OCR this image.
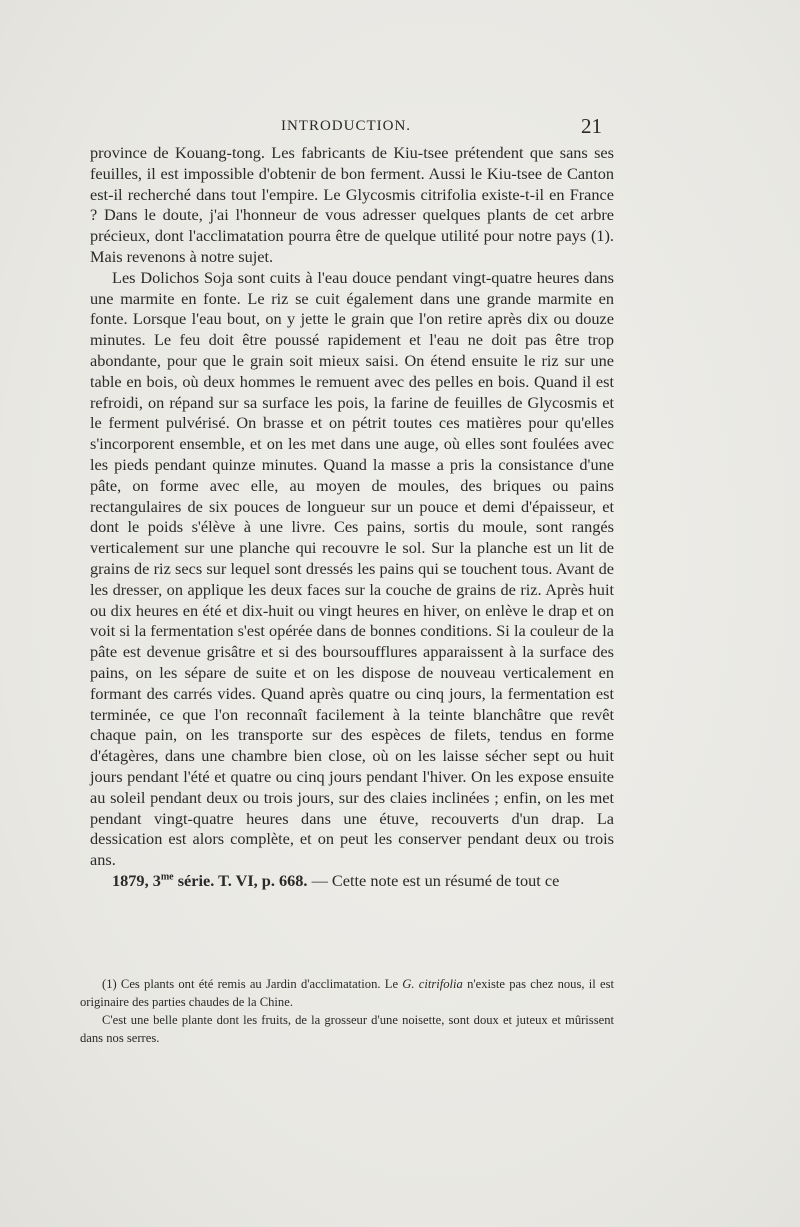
INTRODUCTION.	21

province de Kouang-tong. Les fabricants de Kiu-tsee prétendent que sans ses feuilles, il est impossible d'obtenir de bon ferment. Aussi le Kiu-tsee de Canton est-il recherché dans tout l'empire. Le Glycosmis citrifolia existe-t-il en France ? Dans le doute, j'ai l'honneur de vous adresser quelques plants de cet arbre précieux, dont l'acclimatation pourra être de quelque utilité pour notre pays (1). Mais revenons à notre sujet.

Les Dolichos Soja sont cuits à l'eau douce pendant vingt-quatre heures dans une marmite en fonte. Le riz se cuit également dans une grande marmite en fonte. Lorsque l'eau bout, on y jette le grain que l'on retire après dix ou douze minutes. Le feu doit être poussé rapidement et l'eau ne doit pas être trop abondante, pour que le grain soit mieux saisi. On étend ensuite le riz sur une table en bois, où deux hommes le remuent avec des pelles en bois. Quand il est refroidi, on répand sur sa surface les pois, la farine de feuilles de Glycosmis et le ferment pulvérisé. On brasse et on pétrit toutes ces matières pour qu'elles s'incorporent ensemble, et on les met dans une auge, où elles sont foulées avec les pieds pendant quinze minutes. Quand la masse a pris la consistance d'une pâte, on forme avec elle, au moyen de moules, des briques ou pains rectangulaires de six pouces de longueur sur un pouce et demi d'épaisseur, et dont le poids s'élève à une livre. Ces pains, sortis du moule, sont rangés verticalement sur une planche qui recouvre le sol. Sur la planche est un lit de grains de riz secs sur lequel sont dressés les pains qui se touchent tous. Avant de les dresser, on applique les deux faces sur la couche de grains de riz. Après huit ou dix heures en été et dix-huit ou vingt heures en hiver, on enlève le drap et on voit si la fermentation s'est opérée dans de bonnes conditions. Si la couleur de la pâte est devenue grisâtre et si des boursoufflures apparaissent à la surface des pains, on les sépare de suite et on les dispose de nouveau verticalement en formant des carrés vides. Quand après quatre ou cinq jours, la fermentation est terminée, ce que l'on reconnaît facilement à la teinte blanchâtre que revêt chaque pain, on les transporte sur des espèces de filets, tendus en forme d'étagères, dans une chambre bien close, où on les laisse sécher sept ou huit jours pendant l'été et quatre ou cinq jours pendant l'hiver. On les expose ensuite au soleil pendant deux ou trois jours, sur des claies inclinées ; enfin, on les met pendant vingt-quatre heures dans une étuve, recouverts d'un drap. La dessication est alors complète, et on peut les conserver pendant deux ou trois ans.

1879, $3^{me}$ série. T. VI, p. 668. — Cette note est un résumé de tout ce

(1) Ces plants ont été remis au Jardin d'acclimatation. Le G. citrifolia n'existe pas chez nous, il est originaire des parties chaudes de la Chine.

C'est une belle plante dont les fruits, de la grosseur d'une noisette, sont doux et juteux et mûrissent dans nos serres.
